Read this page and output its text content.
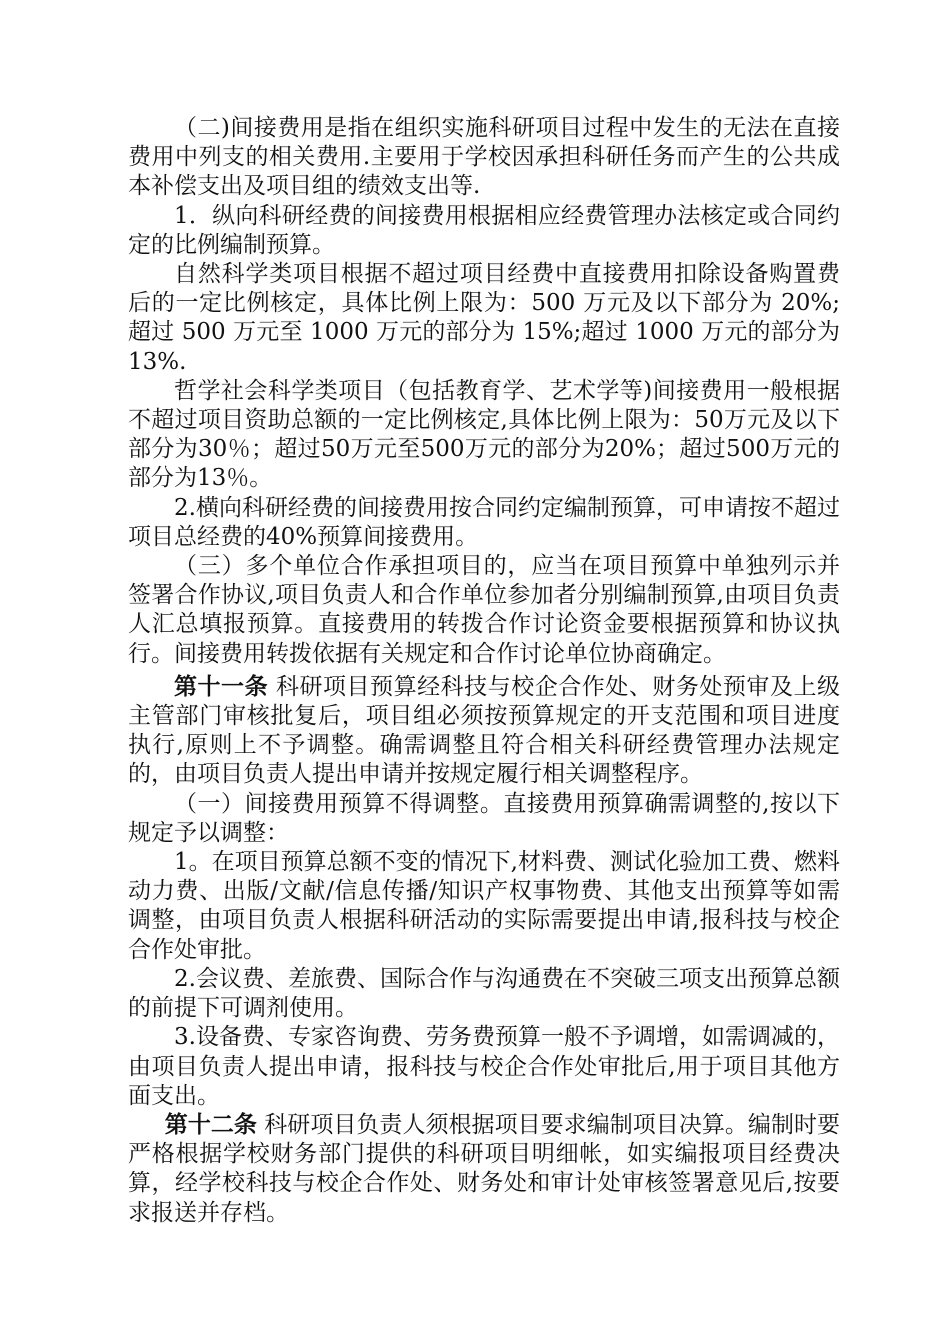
（二)间接费用是指在组织实施科研项目过程中发生的无法在直接费用中列支的相关费用.主要用于学校因承担科研任务而产生的公共成本补偿支出及项目组的绩效支出等.

1．纵向科研经费的间接费用根据相应经费管理办法核定或合同约定的比例编制预算。

自然科学类项目根据不超过项目经费中直接费用扣除设备购置费后的一定比例核定，具体比例上限为：500 万元及以下部分为 20%;超过 500 万元至 1000 万元的部分为 15%;超过 1000 万元的部分为 13%.

哲学社会科学类项目（包括教育学、艺术学等)间接费用一般根据不超过项目资助总额的一定比例核定,具体比例上限为：50万元及以下部分为30％；超过50万元至500万元的部分为20%；超过500万元的部分为13％。

2.横向科研经费的间接费用按合同约定编制预算，可申请按不超过项目总经费的40%预算间接费用。

（三）多个单位合作承担项目的，应当在项目预算中单独列示并签署合作协议,项目负责人和合作单位参加者分别编制预算,由项目负责人汇总填报预算。直接费用的转拨合作讨论资金要根据预算和协议执行。间接费用转拨依据有关规定和合作讨论单位协商确定。

第十一条 科研项目预算经科技与校企合作处、财务处预审及上级主管部门审核批复后，项目组必须按预算规定的开支范围和项目进度执行,原则上不予调整。确需调整且符合相关科研经费管理办法规定的，由项目负责人提出申请并按规定履行相关调整程序。

（一）间接费用预算不得调整。直接费用预算确需调整的,按以下规定予以调整：

1。在项目预算总额不变的情况下,材料费、测试化验加工费、燃料动力费、出版/文献/信息传播/知识产权事物费、其他支出预算等如需调整，由项目负责人根据科研活动的实际需要提出申请,报科技与校企合作处审批。

2.会议费、差旅费、国际合作与沟通费在不突破三项支出预算总额的前提下可调剂使用。

3.设备费、专家咨询费、劳务费预算一般不予调增，如需调减的，由项目负责人提出申请，报科技与校企合作处审批后,用于项目其他方面支出。

第十二条 科研项目负责人须根据项目要求编制项目决算。编制时要严格根据学校财务部门提供的科研项目明细帐，如实编报项目经费决算，经学校科技与校企合作处、财务处和审计处审核签署意见后,按要求报送并存档。
